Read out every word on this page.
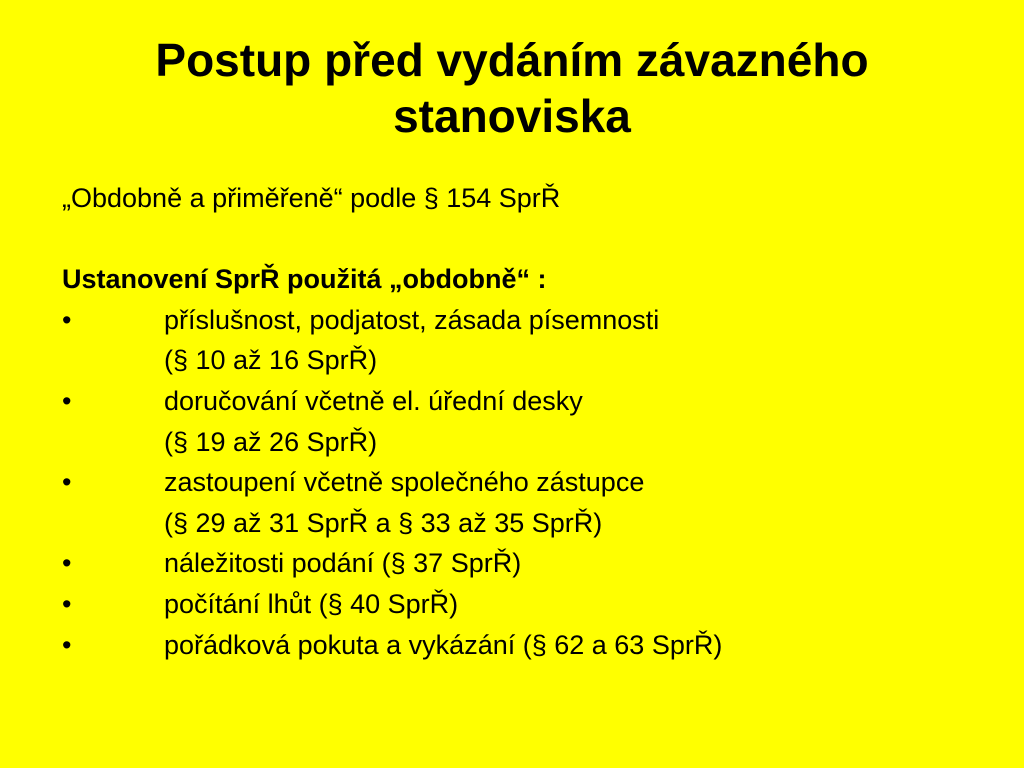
Postup před vydáním závazného
stanoviska
„Obdobně a přiměřeně“ podle § 154 SprŘ
Ustanovení SprŘ použitá „obdobně“ :
•	příslušnost, podjatost, zásada písemnosti
(§ 10 až 16 SprŘ)
•	doručování včetně el. úřední desky
(§ 19 až 26 SprŘ)
•	zastoupení včetně společného zástupce
(§ 29 až 31 SprŘ a § 33 až 35 SprŘ)
•	náležitosti podání (§ 37 SprŘ)
•	počítání lhůt (§ 40 SprŘ)
•	pořádková pokuta a vykázání (§ 62 a 63 SprŘ)
